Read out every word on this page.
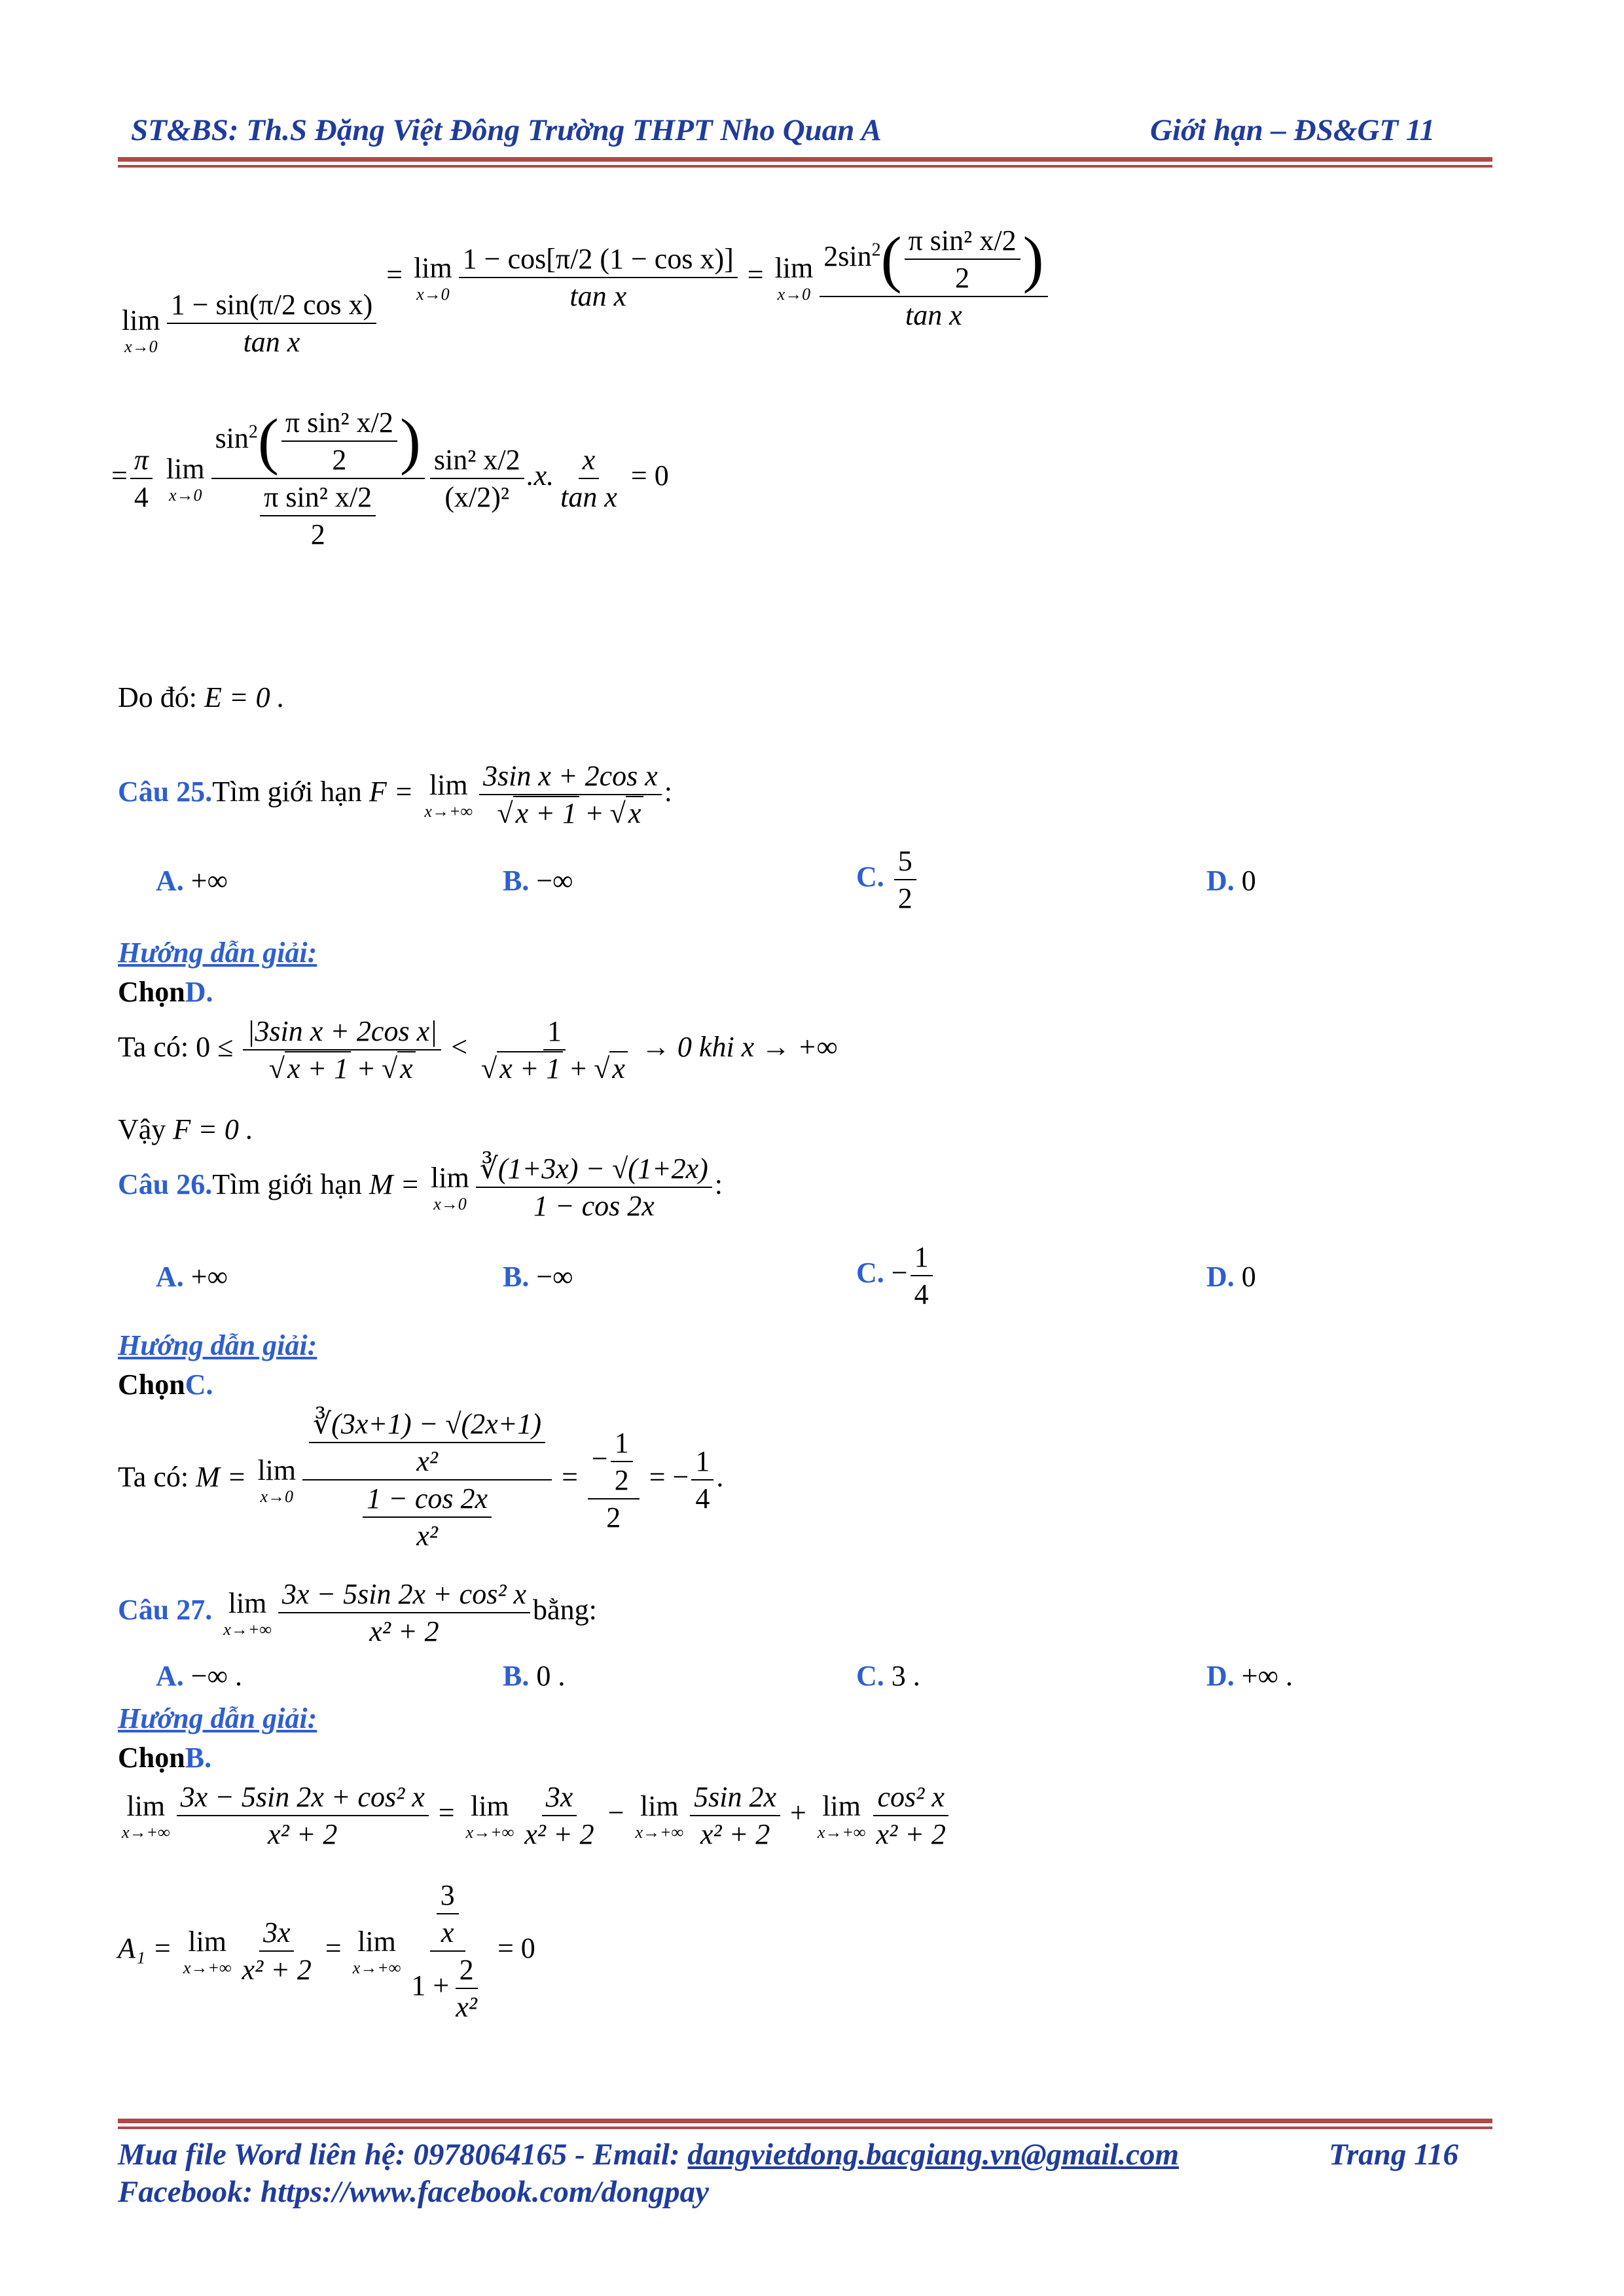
ST&BS: Th.S Đặng Việt Đông Trường THPT Nho Quan A	Giới hạn – ĐS&GT 11
lim
$x\to 0 \frac{\text{1 − sin(π/2 cos x)}}{\text{tan x}}$
= lim
$x\to 0 \frac{\text{1 − cos[π/2 (1 − cos x)]}}{\text{tan x}} = \lim$
$x\to 0 \frac{2\sin^2( \frac{\text{π sin² x/2}}{2} )}{\text{tan x}}$
= $\frac{\pi}{4}$
lim
$x\to 0 \frac{\sin^2( \frac{\text{π sin² x/2}}{2} )}{\frac{\text{π sin² x/2}}{2}} \frac{\text{sin² x/2}}{\text{(x/2)²}} .x$. $\frac{x}{\text{tan x}} = 0$
Do đó: E = 0 .
Câu 25.Tìm giới hạn F = lim
$x\to+\infty \frac{\text{3sin x + 2cos x}}{√x + 1 + √x}$ :
A. +∞	B. −∞	C. $\frac{5}{2}$	D. 0
Hướng dẫn giải:
ChọnD.
Ta có: $0 \le \frac{\text{|3sin x + 2cos x|}}{√x + 1 + √x} < \frac{1}{√x + 1 + √x} \to 0$ khi x → +∞
Vậy F = 0 .
Câu 26.Tìm giới hạn M = lim
$x\to 0 \frac{∛(1+3x) - √(1+2x)}{1 - \cos 2x}$ :
A. +∞	B. −∞	C. − $\frac{1}{4}$	D. 0
Hướng dẫn giải:
ChọnC.
Ta có: M = lim
$x\to 0 \frac{\frac{∛(3x+1) - √(2x+1)}{\text{x²}}}{\frac{1 - \cos 2x}{\text{x²}}} = \frac{- \frac{1}{2}}{2}$ = − $\frac{1}{4}$ .
Câu 27. lim
$x\to+\infty \frac{\text{3x − 5sin 2x + cos² x}}{\text{x² + 2}}$ bằng:
A. −∞ .	B. 0 .	C. 3 .	D. +∞ .
Hướng dẫn giải:
ChọnB.
lim
$x\to+\infty \frac{\text{3x − 5sin 2x + cos² x}}{\text{x² + 2}} = \lim$
$x\to+\infty \frac{3x}{\text{x² + 2}} - \lim$
$x\to+\infty \frac{5\sin 2x}{\text{x² + 2}} + \lim$
$x\to+\infty \frac{\text{cos² x}}{\text{x² + 2}}$
A₁ = lim
$x\to+\infty \frac{3x}{\text{x² + 2}} = \lim$
$x\to+\infty \frac{\frac{3}{x}}{1 + \frac{2}{\text{x²}}} = 0$
Mua file Word liên hệ: 0978064165 - Email: dangvietdong.bacgiang.vn@gmail.com	Trang 116
Facebook: https://www.facebook.com/dongpay
